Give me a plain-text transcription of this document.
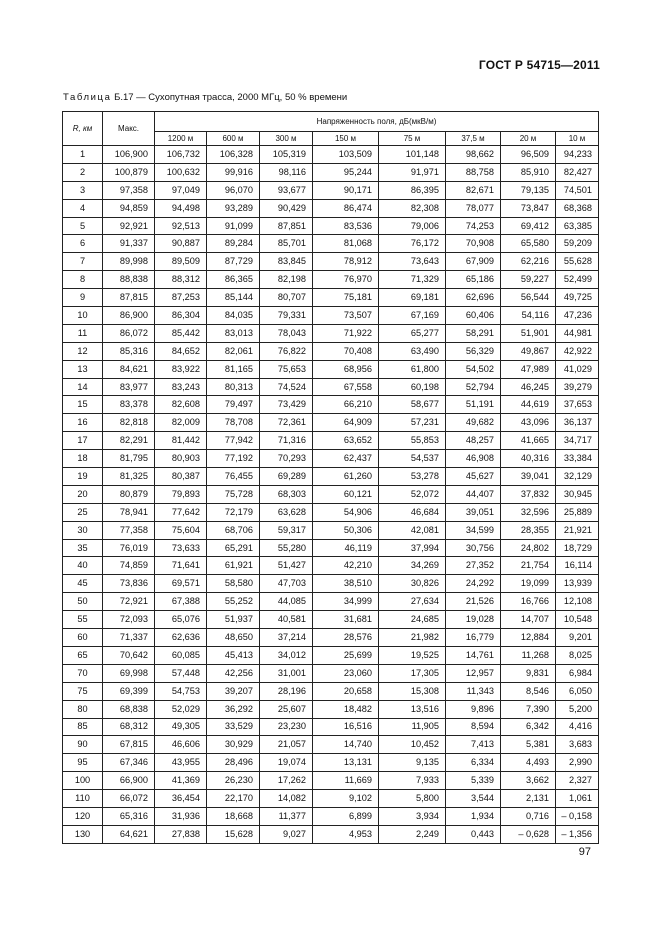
ГОСТ Р 54715—2011
Таблица Б.17 — Сухопутная трасса, 2000 МГц, 50 % времени
R, км	Макс.	Напряженность поля, дБ(мкВ/м)							
		1200 м	600 м	300 м	150 м	75 м	37,5 м	20 м	10 м
1	106,900	106,732	106,328	105,319	103,509	101,148	98,662	96,509	94,233
2	100,879	100,632	99,916	98,116	95,244	91,971	88,758	85,910	82,427
3	97,358	97,049	96,070	93,677	90,171	86,395	82,671	79,135	74,501
4	94,859	94,498	93,289	90,429	86,474	82,308	78,077	73,847	68,368
5	92,921	92,513	91,099	87,851	83,536	79,006	74,253	69,412	63,385
6	91,337	90,887	89,284	85,701	81,068	76,172	70,908	65,580	59,209
7	89,998	89,509	87,729	83,845	78,912	73,643	67,909	62,216	55,628
8	88,838	88,312	86,365	82,198	76,970	71,329	65,186	59,227	52,499
9	87,815	87,253	85,144	80,707	75,181	69,181	62,696	56,544	49,725
10	86,900	86,304	84,035	79,331	73,507	67,169	60,406	54,116	47,236
11	86,072	85,442	83,013	78,043	71,922	65,277	58,291	51,901	44,981
12	85,316	84,652	82,061	76,822	70,408	63,490	56,329	49,867	42,922
13	84,621	83,922	81,165	75,653	68,956	61,800	54,502	47,989	41,029
14	83,977	83,243	80,313	74,524	67,558	60,198	52,794	46,245	39,279
15	83,378	82,608	79,497	73,429	66,210	58,677	51,191	44,619	37,653
16	82,818	82,009	78,708	72,361	64,909	57,231	49,682	43,096	36,137
17	82,291	81,442	77,942	71,316	63,652	55,853	48,257	41,665	34,717
18	81,795	80,903	77,192	70,293	62,437	54,537	46,908	40,316	33,384
19	81,325	80,387	76,455	69,289	61,260	53,278	45,627	39,041	32,129
20	80,879	79,893	75,728	68,303	60,121	52,072	44,407	37,832	30,945
25	78,941	77,642	72,179	63,628	54,906	46,684	39,051	32,596	25,889
30	77,358	75,604	68,706	59,317	50,306	42,081	34,599	28,355	21,921
35	76,019	73,633	65,291	55,280	46,119	37,994	30,756	24,802	18,729
40	74,859	71,641	61,921	51,427	42,210	34,269	27,352	21,754	16,114
45	73,836	69,571	58,580	47,703	38,510	30,826	24,292	19,099	13,939
50	72,921	67,388	55,252	44,085	34,999	27,634	21,526	16,766	12,108
55	72,093	65,076	51,937	40,581	31,681	24,685	19,028	14,707	10,548
60	71,337	62,636	48,650	37,214	28,576	21,982	16,779	12,884	9,201
65	70,642	60,085	45,413	34,012	25,699	19,525	14,761	11,268	8,025
70	69,998	57,448	42,256	31,001	23,060	17,305	12,957	9,831	6,984
75	69,399	54,753	39,207	28,196	20,658	15,308	11,343	8,546	6,050
80	68,838	52,029	36,292	25,607	18,482	13,516	9,896	7,390	5,200
85	68,312	49,305	33,529	23,230	16,516	11,905	8,594	6,342	4,416
90	67,815	46,606	30,929	21,057	14,740	10,452	7,413	5,381	3,683
95	67,346	43,955	28,496	19,074	13,131	9,135	6,334	4,493	2,990
100	66,900	41,369	26,230	17,262	11,669	7,933	5,339	3,662	2,327
110	66,072	36,454	22,170	14,082	9,102	5,800	3,544	2,131	1,061
120	65,316	31,936	18,668	11,377	6,899	3,934	1,934	0,716	– 0,158
130	64,621	27,838	15,628	9,027	4,953	2,249	0,443	– 0,628	– 1,356
97
